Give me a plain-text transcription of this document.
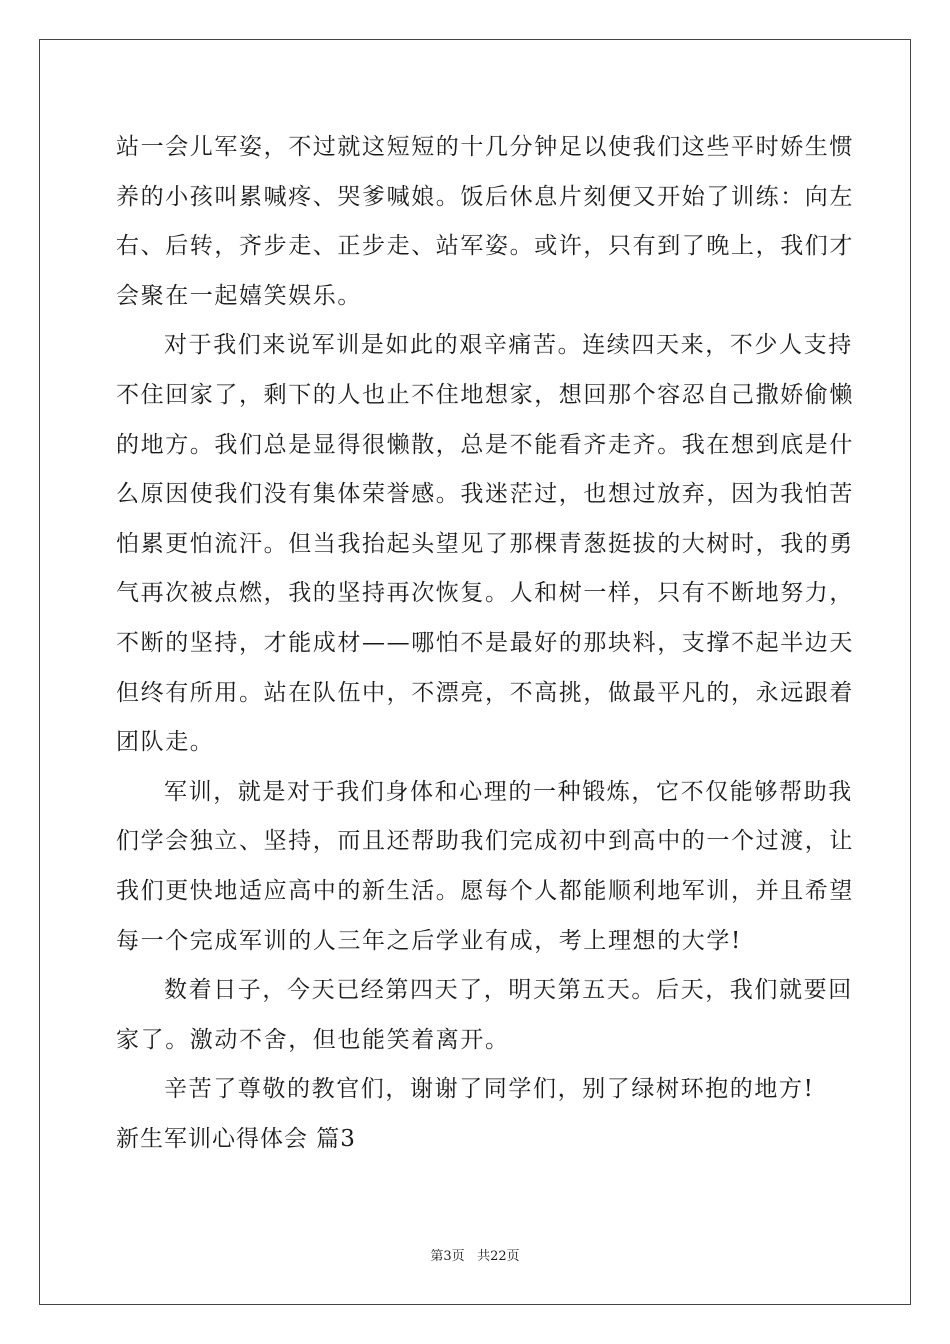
站一会儿军姿，不过就这短短的十几分钟足以使我们这些平时娇生惯
养的小孩叫累喊疼、哭爹喊娘。饭后休息片刻便又开始了训练：向左
右、后转，齐步走、正步走、站军姿。或许，只有到了晚上，我们才
会聚在一起嬉笑娱乐。
对于我们来说军训是如此的艰辛痛苦。连续四天来，不少人支持
不住回家了，剩下的人也止不住地想家，想回那个容忍自己撒娇偷懒
的地方。我们总是显得很懒散，总是不能看齐走齐。我在想到底是什
么原因使我们没有集体荣誉感。我迷茫过，也想过放弃，因为我怕苦
怕累更怕流汗。但当我抬起头望见了那棵青葱挺拔的大树时，我的勇
气再次被点燃，我的坚持再次恢复。人和树一样，只有不断地努力，
不断的坚持，才能成材——哪怕不是最好的那块料，支撑不起半边天
但终有所用。站在队伍中，不漂亮，不高挑，做最平凡的，永远跟着
团队走。
军训，就是对于我们身体和心理的一种锻炼，它不仅能够帮助我
们学会独立、坚持，而且还帮助我们完成初中到高中的一个过渡，让
我们更快地适应高中的新生活。愿每个人都能顺利地军训，并且希望
每一个完成军训的人三年之后学业有成，考上理想的大学!
数着日子，今天已经第四天了，明天第五天。后天，我们就要回
家了。激动不舍，但也能笑着离开。
辛苦了尊敬的教官们，谢谢了同学们，别了绿树环抱的地方!
新生军训心得体会 篇3
第3页 共22页
